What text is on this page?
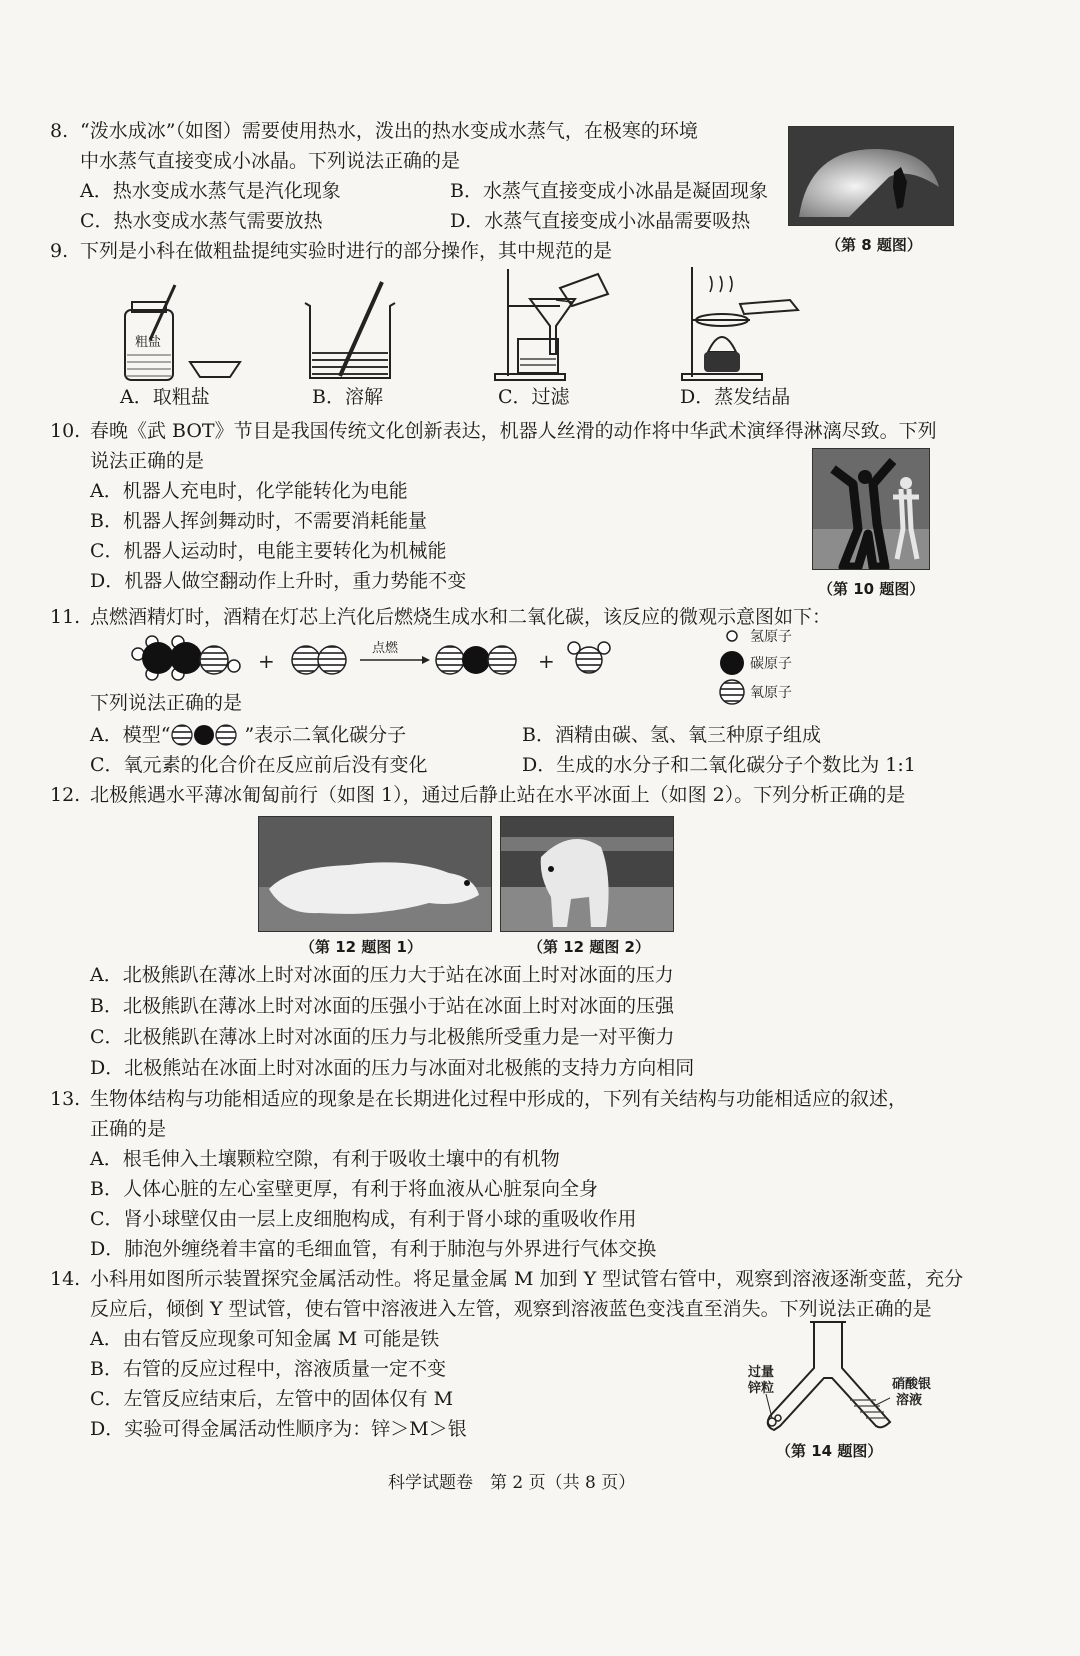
8. “泼水成冰”（如图）需要使用热水，泼出的热水变成水蒸气，在极寒的环境
中水蒸气直接变成小冰晶。下列说法正确的是
A．热水变成水蒸气是汽化现象	B．水蒸气直接变成小冰晶是凝固现象
C．热水变成水蒸气需要放热	D．水蒸气直接变成小冰晶需要吸热
（第 8 题图）
9. 下列是小科在做粗盐提纯实验时进行的部分操作，其中规范的是
粗盐
A．取粗盐	B．溶解	C．过滤	D．蒸发结晶
10. 春晚《武 BOT》节目是我国传统文化创新表达，机器人丝滑的动作将中华武术演绎得淋漓尽致。下列
说法正确的是
A．机器人充电时，化学能转化为电能
B．机器人挥剑舞动时，不需要消耗能量
C．机器人运动时，电能主要转化为机械能
D．机器人做空翻动作上升时，重力势能不变	（第 10 题图）
11. 点燃酒精灯时，酒精在灯芯上汽化后燃烧生成水和二氧化碳，该反应的微观示意图如下：
+
点燃
+
氢原子
碳原子
氧原子
下列说法正确的是
A．模型“	”表示二氧化碳分子	B．酒精由碳、氢、氧三种原子组成
C．氧元素的化合价在反应前后没有变化	D．生成的水分子和二氧化碳分子个数比为 1:1
12. 北极熊遇水平薄冰匍匐前行（如图 1），通过后静止站在水平冰面上（如图 2）。下列分析正确的是
（第 12 题图 1）	（第 12 题图 2）
A．北极熊趴在薄冰上时对冰面的压力大于站在冰面上时对冰面的压力
B．北极熊趴在薄冰上时对冰面的压强小于站在冰面上时对冰面的压强
C．北极熊趴在薄冰上时对冰面的压力与北极熊所受重力是一对平衡力
D．北极熊站在冰面上时对冰面的压力与冰面对北极熊的支持力方向相同
13. 生物体结构与功能相适应的现象是在长期进化过程中形成的，下列有关结构与功能相适应的叙述，
正确的是
A．根毛伸入土壤颗粒空隙，有利于吸收土壤中的有机物
B．人体心脏的左心室壁更厚，有利于将血液从心脏泵向全身
C．肾小球壁仅由一层上皮细胞构成，有利于肾小球的重吸收作用
D．肺泡外缠绕着丰富的毛细血管，有利于肺泡与外界进行气体交换
14. 小科用如图所示装置探究金属活动性。将足量金属 M 加到 Y 型试管右管中，观察到溶液逐渐变蓝，充分
反应后，倾倒 Y 型试管，使右管中溶液进入左管，观察到溶液蓝色变浅直至消失。下列说法正确的是
A．由右管反应现象可知金属 M 可能是铁
B．右管的反应过程中，溶液质量一定不变
C．左管反应结束后，左管中的固体仅有 M
D．实验可得金属活动性顺序为：锌＞M＞银
过量
锌粒	硝酸银
溶液
（第 14 题图）
科学试题卷　第 2 页（共 8 页）
